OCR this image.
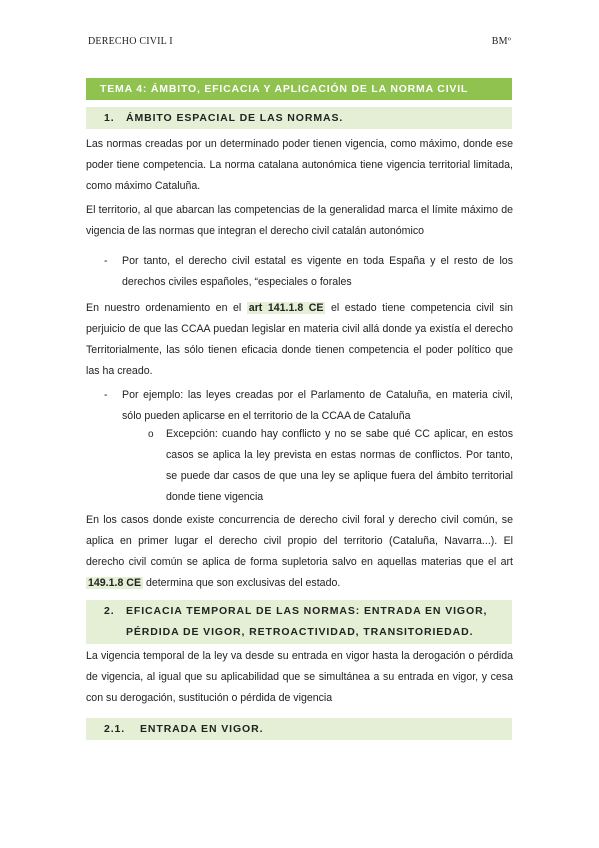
DERECHO CIVIL I	BMº
TEMA 4: ÁMBITO, EFICACIA Y APLICACIÓN DE LA NORMA CIVIL
1. ÁMBITO ESPACIAL DE LAS NORMAS.
Las normas creadas por un determinado poder tienen vigencia, como máximo, donde ese poder tiene competencia. La norma catalana autonómica tiene vigencia territorial limitada, como máximo Cataluña.
El territorio, al que abarcan las competencias de la generalidad marca el límite máximo de vigencia de las normas que integran el derecho civil catalán autonómico
- Por tanto, el derecho civil estatal es vigente en toda España y el resto de los derechos civiles españoles, “especiales o forales
En nuestro ordenamiento en el art 141.1.8 CE el estado tiene competencia civil sin perjuicio de que las CCAA puedan legislar en materia civil allá donde ya existía el derecho Territorialmente, las sólo tienen eficacia donde tienen competencia el poder político que las ha creado.
- Por ejemplo: las leyes creadas por el Parlamento de Cataluña, en materia civil, sólo pueden aplicarse en el territorio de la CCAA de Cataluña
o Excepción: cuando hay conflicto y no se sabe qué CC aplicar, en estos casos se aplica la ley prevista en estas normas de conflictos. Por tanto, se puede dar casos de que una ley se aplique fuera del ámbito territorial donde tiene vigencia
En los casos donde existe concurrencia de derecho civil foral y derecho civil común, se aplica en primer lugar el derecho civil propio del territorio (Cataluña, Navarra...). El derecho civil común se aplica de forma supletoria salvo en aquellas materias que el art 149.1.8 CE determina que son exclusivas del estado.
2. EFICACIA TEMPORAL DE LAS NORMAS: ENTRADA EN VIGOR,
PÉRDIDA DE VIGOR, RETROACTIVIDAD, TRANSITORIEDAD.
La vigencia temporal de la ley va desde su entrada en vigor hasta la derogación o pérdida de vigencia, al igual que su aplicabilidad que se simultánea a su entrada en vigor, y cesa con su derogación, sustitución o pérdida de vigencia
2.1. ENTRADA EN VIGOR.
